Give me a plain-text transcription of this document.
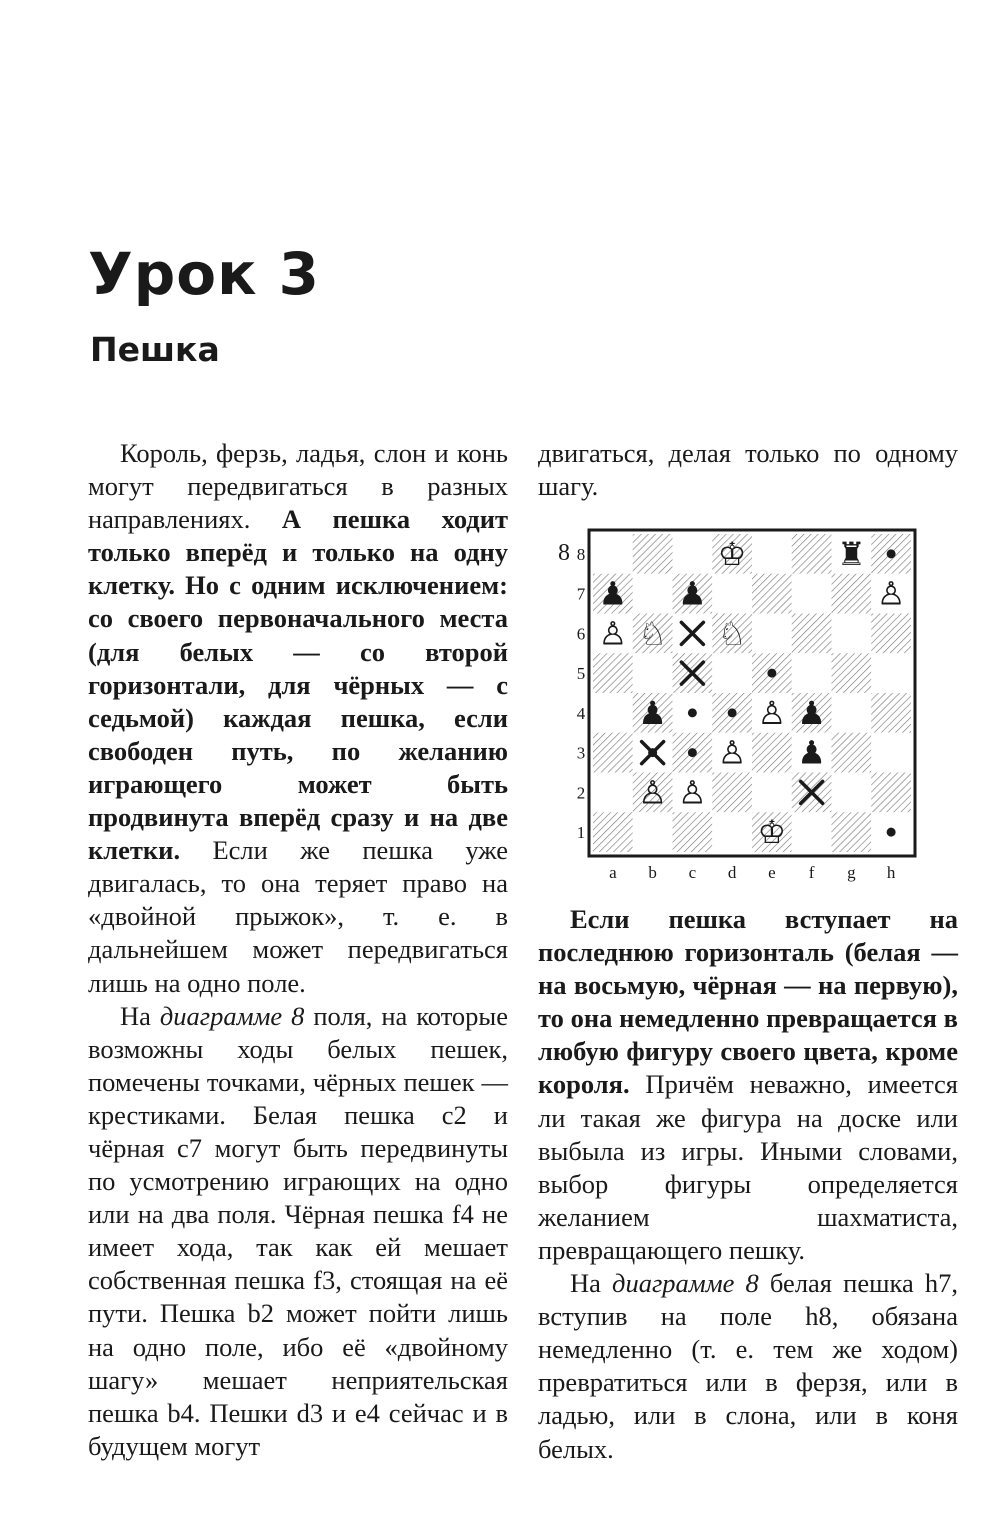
Урок 3
Пешка

Король, ферзь, ладья, слон и конь могут передвигаться в разных направлениях. А пешка ходит только вперёд и только на одну клетку. Но с одним исключением: со своего первоначального места (для белых — со второй горизонтали, для чёрных — с седьмой) каждая пешка, если свободен путь, по желанию играющего может быть продвинута вперёд сразу и на две клетки. Если же пешка уже двигалась, то она теряет право на «двойной прыжок», т. е. в дальнейшем может передвигаться лишь на одно поле.

На диаграмме 8 поля, на которые возможны ходы белых пешек, помечены точками, чёрных пешек — крестиками. Белая пешка c2 и чёрная c7 могут быть передвинуты по усмотрению играющих на одно или на два поля. Чёрная пешка f4 не имеет хода, так как ей мешает собственная пешка f3, стоящая на её пути. Пешка b2 может пойти лишь на одно поле, ибо её «двойному шагу» мешает неприятельская пешка b4. Пешки d3 и e4 сейчас и в будущем могут

двигаться, делая только по одному шагу.

8 8
7
6
5
4
3
2
1
a b c d e f g h
♔	♜
♟ ♟	♙
♙ ♘ ♘
♟	♙ ♟
♙ ♟
♙ ♙
♔

Если пешка вступает на последнюю горизонталь (белая — на восьмую, чёрная — на первую), то она немедленно превращается в любую фигуру своего цвета, кроме короля. Причём неважно, имеется ли такая же фигура на доске или выбыла из игры. Иными словами, выбор фигуры определяется желанием шахматиста, превращающего пешку.

На диаграмме 8 белая пешка h7, вступив на поле h8, обязана немедленно (т. е. тем же ходом) превратиться или в ферзя, или в ладью, или в слона, или в коня белых.
